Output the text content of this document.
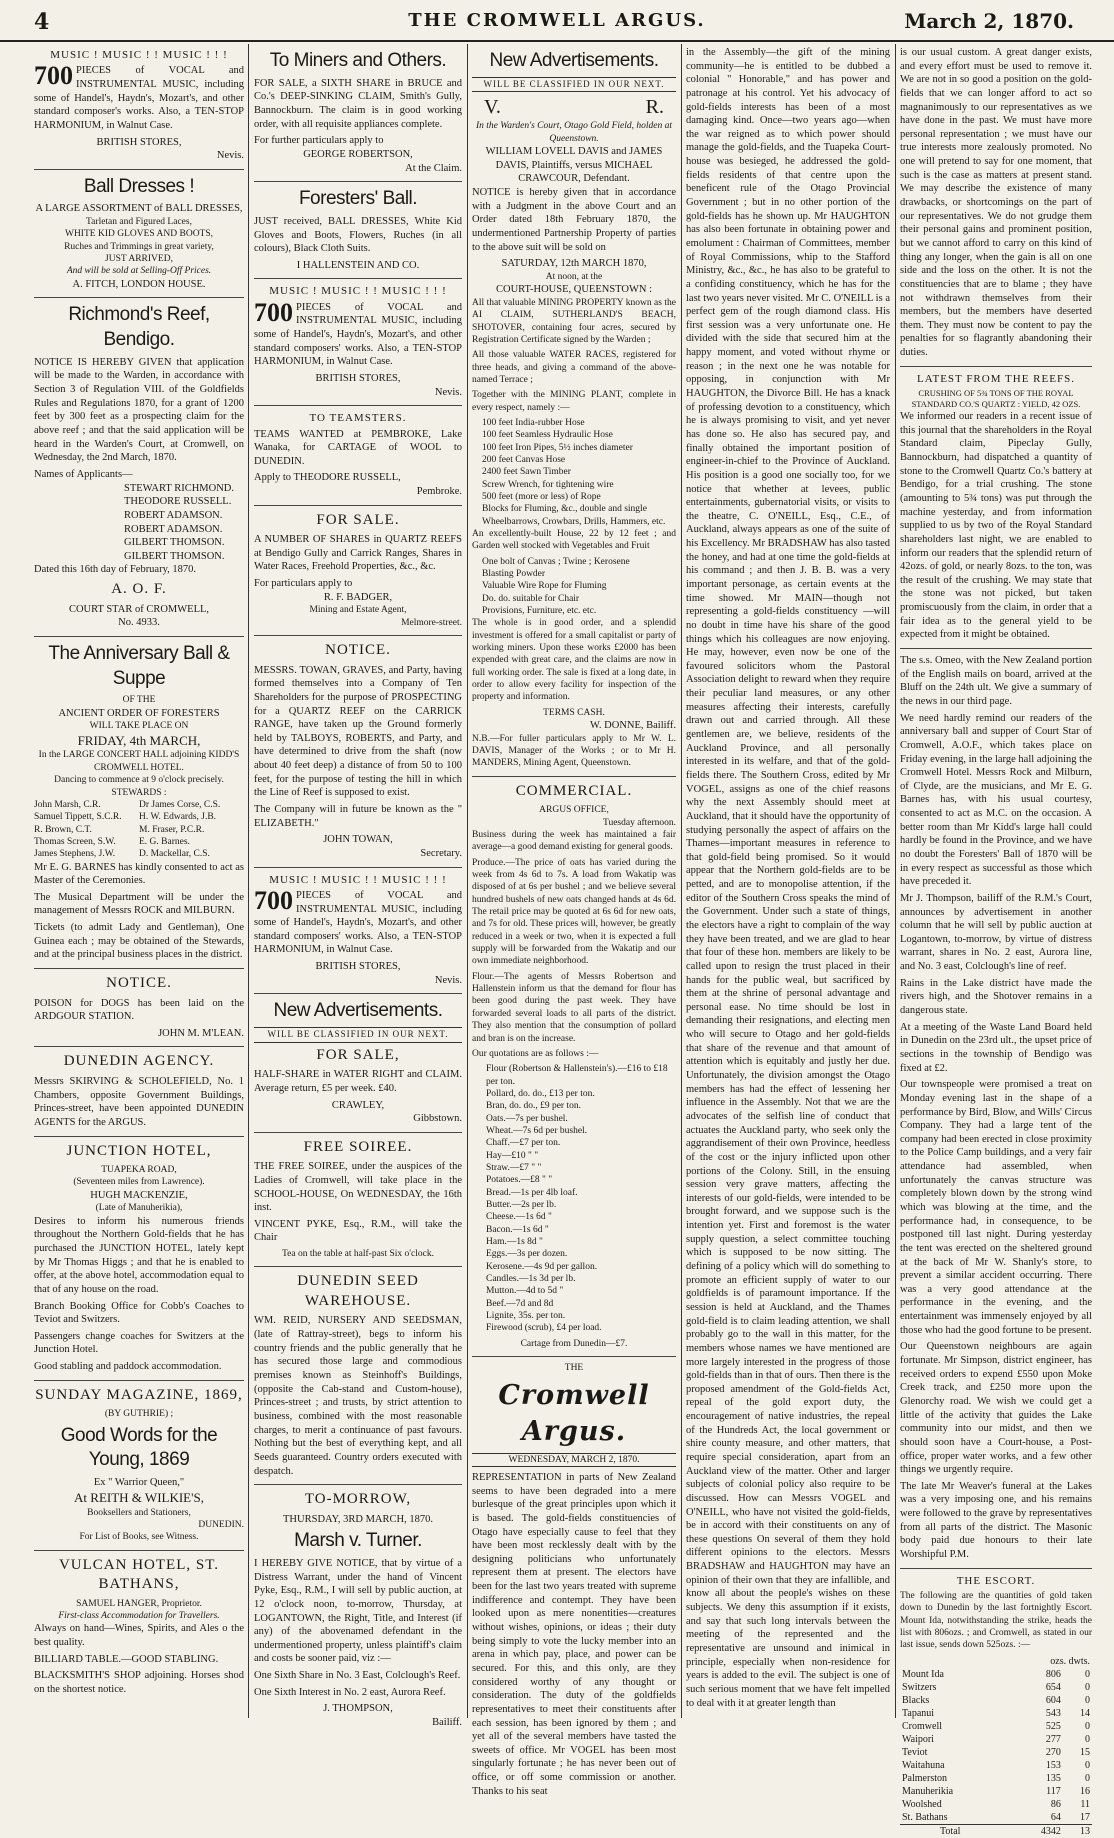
4	THE CROMWELL ARGUS.	March 2, 1870.
MUSIC ! MUSIC ! ! MUSIC ! ! !

700 PIECES of VOCAL and INSTRUMENTAL MUSIC, including some of Handel's, Haydn's, Mozart's, and other standard composer's works. Also, a TEN-STOP HARMONIUM, in Walnut Case.

BRITISH STORES,
Nevis.
Ball Dresses !
A LARGE ASSORTMENT of BALL DRESSES,
Tarletan and Figured Laces,
WHITE KID GLOVES AND BOOTS,
Ruches and Trimmings in great variety,
JUST ARRIVED,
And will be sold at Selling-Off Prices.
A. FITCH, LONDON HOUSE.
Richmond's Reef, Bendigo.

NOTICE IS HEREBY GIVEN that application will be made to the Warden, in accordance with Section 3 of Regulation VIII. of the Goldfields Rules and Regulations 1870, for a grant of 1200 feet by 300 feet as a prospecting claim for the above reef ; and that the said application will be heard in the Warden's Court, at Cromwell, on Wednesday, the 2nd March, 1870.

Names of Applicants—
STEWART RICHMOND.
THEODORE RUSSELL.
ROBERT ADAMSON.
ROBERT ADAMSON.
GILBERT THOMSON.
GILBERT THOMSON.
Dated this 16th day of February, 1870.
A. O. F.
COURT STAR of CROMWELL,
No. 4933.
The Anniversary Ball & Suppe
OF THE
ANCIENT ORDER OF FORESTERS
WILL TAKE PLACE ON
FRIDAY, 4th MARCH,
In the LARGE CONCERT HALL adjoining KIDD'S CROMWELL HOTEL.
Dancing to commence at 9 o'clock precisely.
STEWARDS :
John Marsh, C.R.
Samuel Tippett, S.C.R.
R. Brown, C.T.
Thomas Screen, S.W.
James Stephens, J.W.
Dr James Corse, C.S.
H. W. Edwards, J.B.
M. Fraser, P.C.R.
E. G. Barnes.
D. Mackellar, C.S.

Mr E. G. BARNES has kindly consented to act as Master of the Ceremonies.

The Musical Department will be under the management of Messrs ROCK and MILBURN.

Tickets (to admit Lady and Gentleman), One Guinea each ; may be obtained of the Stewards, and at the principal business places in the district.

NOTICE.

POISON for DOGS has been laid on the ARDGOUR STATION.

JOHN M. M'LEAN.
DUNEDIN AGENCY.

Messrs SKIRVING & SCHOLEFIELD, No. 1 Chambers, opposite Government Buildings, Princes-street, have been appointed DUNEDIN AGENTS for the ARGUS.

JUNCTION HOTEL,
TUAPEKA ROAD,
(Seventeen miles from Lawrence).
HUGH MACKENZIE,
(Late of Manuherikia),

Desires to inform his numerous friends throughout the Northern Gold-fields that he has purchased the JUNCTION HOTEL, lately kept by Mr Thomas Higgs ; and that he is enabled to offer, at the above hotel, accommodation equal to that of any house on the road.

Branch Booking Office for Cobb's Coaches to Teviot and Switzers.

Passengers change coaches for Switzers at the Junction Hotel.

Good stabling and paddock accommodation.

SUNDAY MAGAZINE, 1869,
(BY GUTHRIE) ;
Good Words for the Young, 1869
Ex " Warrior Queen,"
At REITH & WILKIE'S,
Booksellers and Stationers,
DUNEDIN.
For List of Books, see Witness.
VULCAN HOTEL, ST. BATHANS,
SAMUEL HANGER, Proprietor.
First-class Accommodation for Travellers.

Always on hand—Wines, Spirits, and Ales o the best quality.

BILLIARD TABLE.—GOOD STABLING.

BLACKSMITH'S SHOP adjoining. Horses shod on the shortest notice.

To Miners and Others.

FOR SALE, a SIXTH SHARE in BRUCE and Co.'s DEEP-SINKING CLAIM, Smith's Gully, Bannockburn. The claim is in good working order, with all requisite appliances complete.

For further particulars apply to
GEORGE ROBERTSON,
At the Claim.
Foresters' Ball.

JUST received, BALL DRESSES, White Kid Gloves and Boots, Flowers, Ruches (in all colours), Black Cloth Suits.

I HALLENSTEIN AND CO.
MUSIC ! MUSIC ! ! MUSIC ! ! !

700 PIECES of VOCAL and INSTRUMENTAL MUSIC, including some of Handel's, Haydn's, Mozart's, and other standard composers' works. Also, a TEN-STOP HARMONIUM, in Walnut Case.

BRITISH STORES,
Nevis.
TO TEAMSTERS.

TEAMS WANTED at PEMBROKE, Lake Wanaka, for CARTAGE of WOOL to DUNEDIN.

Apply to THEODORE RUSSELL,
Pembroke.
FOR SALE.

A NUMBER OF SHARES in QUARTZ REEFS at Bendigo Gully and Carrick Ranges, Shares in Water Races, Freehold Properties, &c., &c.

For particulars apply to
R. F. BADGER,
Mining and Estate Agent,
Melmore-street.
NOTICE.

MESSRS. TOWAN, GRAVES, and Party, having formed themselves into a Company of Ten Shareholders for the purpose of PROSPECTING for a QUARTZ REEF on the CARRICK RANGE, have taken up the Ground formerly held by TALBOYS, ROBERTS, and Party, and have determined to drive from the shaft (now about 40 feet deep) a distance of from 50 to 100 feet, for the purpose of testing the hill in which the Line of Reef is supposed to exist.

The Company will in future be known as the " ELIZABETH."

JOHN TOWAN,
Secretary.
MUSIC ! MUSIC ! ! MUSIC ! ! !

700 PIECES of VOCAL and INSTRUMENTAL MUSIC, including some of Handel's, Haydn's, Mozart's, and other standard composers' works. Also, a TEN-STOP HARMONIUM, in Walnut Case.

BRITISH STORES,
Nevis.
New Advertisements.
WILL BE CLASSIFIED IN OUR NEXT.
FOR SALE,

HALF-SHARE in WATER RIGHT and CLAIM. Average return, £5 per week. £40.

CRAWLEY,
Gibbstown.
FREE SOIREE.

THE FREE SOIREE, under the auspices of the Ladies of Cromwell, will take place in the SCHOOL-HOUSE, On WEDNESDAY, the 16th inst.

VINCENT PYKE, Esq., R.M., will take the Chair

Tea on the table at half-past Six o'clock.
DUNEDIN SEED WAREHOUSE.

WM. REID, NURSERY AND SEEDSMAN, (late of Rattray-street), begs to inform his country friends and the public generally that he has secured those large and commodious premises known as Steinhoff's Buildings, (opposite the Cab-stand and Custom-house), Princes-street ; and trusts, by strict attention to business, combined with the most reasonable charges, to merit a continuance of past favours. Nothing but the best of everything kept, and all Seeds guaranteed. Country orders executed with despatch.

TO-MORROW,
THURSDAY, 3RD MARCH, 1870.
Marsh v. Turner.

I HEREBY GIVE NOTICE, that by virtue of a Distress Warrant, under the hand of Vincent Pyke, Esq., R.M., I will sell by public auction, at 12 o'clock noon, to-morrow, Thursday, at LOGANTOWN, the Right, Title, and Interest (if any) of the abovenamed defendant in the undermentioned property, unless plaintiff's claim and costs be sooner paid, viz :—

One Sixth Share in No. 3 East, Colclough's Reef.

One Sixth Interest in No. 2 east, Aurora Reef.

J. THOMPSON,
Bailiff.
New Advertisements.
WILL BE CLASSIFIED IN OUR NEXT.
V.	R.
In the Warden's Court, Otago Gold Field, holden at Queenstown.
WILLIAM LOVELL DAVIS and JAMES DAVIS, Plaintiffs, versus MICHAEL CRAWCOUR, Defendant.

NOTICE is hereby given that in accordance with a Judgment in the above Court and an Order dated 18th February 1870, the undermentioned Partnership Property of parties to the above suit will be sold on

SATURDAY, 12th MARCH 1870,
At noon, at the
COURT-HOUSE, QUEENSTOWN :

All that valuable MINING PROPERTY known as the AI CLAIM, SUTHERLAND'S BEACH, SHOTOVER, containing four acres, secured by Registration Certificate signed by the Warden ;

All those valuable WATER RACES, registered for three heads, and giving a command of the above-named Terrace ;

Together with the MINING PLANT, complete in every respect, namely :—

100 feet India-rubber Hose
100 feet Seamless Hydraulic Hose
100 feet Iron Pipes, 5½ inches diameter
200 feet Canvas Hose
2400 feet Sawn Timber
Screw Wrench, for tightening wire
500 feet (more or less) of Rope
Blocks for Fluming, &c., double and single
Wheelbarrows, Crowbars, Drills, Hammers, etc.

An excellently-built House, 22 by 12 feet ; and Garden well stocked with Vegetables and Fruit

One bolt of Canvas ; Twine ; Kerosene
Blasting Powder
Valuable Wire Rope for Fluming
Do. do. suitable for Chair
Provisions, Furniture, etc. etc.

The whole is in good order, and a splendid investment is offered for a small capitalist or party of working miners. Upon these works £2000 has been expended with great care, and the claims are now in full working order. The sale is fixed at a long date, in order to allow every facility for inspection of the property and information.

TERMS CASH.
W. DONNE, Bailiff.

N.B.—For fuller particulars apply to Mr W. L. DAVIS, Manager of the Works ; or to Mr H. MANDERS, Mining Agent, Queenstown.

COMMERCIAL.
ARGUS OFFICE,
Tuesday afternoon.

Business during the week has maintained a fair average—a good demand existing for general goods.

Produce.—The price of oats has varied during the week from 4s 6d to 7s. A load from Wakatip was disposed of at 6s per bushel ; and we believe several hundred bushels of new oats changed hands at 4s 6d. The retail price may be quoted at 6s 6d for new oats, and 7s for old. These prices will, however, be greatly reduced in a week or two, when it is expected a full supply will be forwarded from the Wakatip and our own immediate neighborhood.

Flour.—The agents of Messrs Robertson and Hallenstein inform us that the demand for flour has been good during the past week. They have forwarded several loads to all parts of the district. They also mention that the consumption of pollard and bran is on the increase.

Our quotations are as follows :—

Flour (Robertson & Hallenstein's).—£16 to £18 per ton.
Pollard, do. do., £13 per ton.
Bran, do. do., £9 per ton.
Oats.—7s per bushel.
Wheat.—7s 6d per bushel.
Chaff.—£7 per ton.
Hay—£10 " "
Straw.—£7 " "
Potatoes.—£8 " "
Bread.—1s per 4lb loaf.
Butter.—2s per lb.
Cheese.—1s 6d "
Bacon.—1s 6d "
Ham.—1s 8d "
Eggs.—3s per dozen.
Kerosene.—4s 9d per gallon.
Candles.—1s 3d per lb.
Mutton.—4d to 5d "
Beef.—7d and 8d
Lignite, 35s. per ton.
Firewood (scrub), £4 per load.
Cartage from Dunedin—£7.
THE
Cromwell Argus.
WEDNESDAY, MARCH 2, 1870.

REPRESENTATION in parts of New Zealand seems to have been degraded into a mere burlesque of the great principles upon which it is based. The gold-fields constituencies of Otago have especially cause to feel that they have been most recklessly dealt with by the designing politicians who unfortunately represent them at present. The electors have been for the last two years treated with supreme indifference and contempt. They have been looked upon as mere nonentities—creatures without wishes, opinions, or ideas ; their duty being simply to vote the lucky member into an arena in which pay, place, and power can be secured. For this, and this only, are they considered worthy of any thought or consideration. The duty of the goldfields representatives to meet their constituents after each session, has been ignored by them ; and yet all of the several members have tasted the sweets of office. Mr VOGEL has been most singularly fortunate ; he has never been out of office, or off some commission or another. Thanks to his seat

in the Assembly—the gift of the mining community—he is entitled to be dubbed a colonial " Honorable," and has power and patronage at his control. Yet his advocacy of gold-fields interests has been of a most damaging kind. Once—two years ago—when the war reigned as to which power should manage the gold-fields, and the Tuapeka Court-house was besieged, he addressed the gold-fields residents of that centre upon the beneficent rule of the Otago Provincial Government ; but in no other portion of the gold-fields has he shown up. Mr HAUGHTON has also been fortunate in obtaining power and emolument : Chairman of Committees, member of Royal Commissions, whip to the Stafford Ministry, &c., &c., he has also to be grateful to a confiding constituency, which he has for the last two years never visited. Mr C. O'NEILL is a perfect gem of the rough diamond class. His first session was a very unfortunate one. He divided with the side that secured him at the happy moment, and voted without rhyme or reason ; in the next one he was notable for opposing, in conjunction with Mr HAUGHTON, the Divorce Bill. He has a knack of professing devotion to a constituency, which he is always promising to visit, and yet never has done so. He also has secured pay, and finally obtained the important position of engineer-in-chief to the Province of Auckland. His position is a good one socially too, for we notice that whether at levees, public entertainments, gubernatorial visits, or visits to the theatre, C. O'NEILL, Esq., C.E., of Auckland, always appears as one of the suite of his Excellency. Mr BRADSHAW has also tasted the honey, and had at one time the gold-fields at his command ; and then J. B. B. was a very important personage, as certain events at the time showed. Mr MAIN—though not representing a gold-fields constituency —will no doubt in time have his share of the good things which his colleagues are now enjoying. He may, however, even now be one of the favoured solicitors whom the Pastoral Association delight to reward when they require their peculiar land measures, or any other measures affecting their interests, carefully drawn out and carried through. All these gentlemen are, we believe, residents of the Auckland Province, and all personally interested in its welfare, and that of the gold-fields there. The Southern Cross, edited by Mr VOGEL, assigns as one of the chief reasons why the next Assembly should meet at Auckland, that it should have the opportunity of studying personally the aspect of affairs on the Thames—important measures in reference to that gold-field being promised. So it would appear that the Northern gold-fields are to be petted, and are to monopolise attention, if the editor of the Southern Cross speaks the mind of the Government. Under such a state of things, the electors have a right to complain of the way they have been treated, and we are glad to hear that four of these hon. members are likely to be called upon to resign the trust placed in their hands for the public weal, but sacrificed by them at the shrine of personal advantage and personal ease. No time should be lost in demanding their resignations, and electing men who will secure to Otago and her gold-fields that share of the revenue and that amount of attention which is equitably and justly her due. Unfortunately, the division amongst the Otago members has had the effect of lessening her influence in the Assembly. Not that we are the advocates of the selfish line of conduct that actuates the Auckland party, who seek only the aggrandisement of their own Province, heedless of the cost or the injury inflicted upon other portions of the Colony. Still, in the ensuing session very grave matters, affecting the interests of our gold-fields, were intended to be brought forward, and we suppose such is the intention yet. First and foremost is the water supply question, a select committee touching which is supposed to be now sitting. The defining of a policy which will do something to promote an efficient supply of water to our goldfields is of paramount importance. If the session is held at Auckland, and the Thames gold-field is to claim leading attention, we shall probably go to the wall in this matter, for the members whose names we have mentioned are more largely interested in the progress of those gold-fields than in that of ours. Then there is the proposed amendment of the Gold-fields Act, repeal of the gold export duty, the encouragement of native industries, the repeal of the Hundreds Act, the local government or shire county measure, and other matters, that require special consideration, apart from an Auckland view of the matter. Other and larger subjects of colonial policy also require to be discussed. How can Messrs VOGEL and O'NEILL, who have not visited the gold-fields, be in accord with their constituents on any of these questions On several of them they hold different opinions to the electors. Messrs BRADSHAW and HAUGHTON may have an opinion of their own that they are infallible, and know all about the people's wishes on these subjects. We deny this assumption if it exists, and say that such long intervals between the meeting of the represented and the representative are unsound and inimical in principle, especially when non-residence for years is added to the evil. The subject is one of such serious moment that we have felt impelled to deal with it at greater length than

is our usual custom. A great danger exists, and every effort must be used to remove it. We are not in so good a position on the gold-fields that we can longer afford to act so magnanimously to our representatives as we have done in the past. We must have more personal representation ; we must have our true interests more zealously promoted. No one will pretend to say for one moment, that such is the case as matters at present stand. We may describe the existence of many drawbacks, or shortcomings on the part of our representatives. We do not grudge them their personal gains and prominent position, but we cannot afford to carry on this kind of thing any longer, when the gain is all on one side and the loss on the other. It is not the constituencies that are to blame ; they have not withdrawn themselves from their members, but the members have deserted them. They must now be content to pay the penalties for so flagrantly abandoning their duties.

LATEST FROM THE REEFS.
CRUSHING OF 5¾ TONS OF THE ROYAL STANDARD CO.'S QUARTZ : YIELD, 42 OZS.

We informed our readers in a recent issue of this journal that the shareholders in the Royal Standard claim, Pipeclay Gully, Bannockburn, had dispatched a quantity of stone to the Cromwell Quartz Co.'s battery at Bendigo, for a trial crushing. The stone (amounting to 5¾ tons) was put through the machine yesterday, and from information supplied to us by two of the Royal Standard shareholders last night, we are enabled to inform our readers that the splendid return of 42ozs. of gold, or nearly 8ozs. to the ton, was the result of the crushing. We may state that the stone was not picked, but taken promiscuously from the claim, in order that a fair idea as to the general yield to be expected from it might be obtained.

The s.s. Omeo, with the New Zealand portion of the English mails on board, arrived at the Bluff on the 24th ult. We give a summary of the news in our third page.

We need hardly remind our readers of the anniversary ball and supper of Court Star of Cromwell, A.O.F., which takes place on Friday evening, in the large hall adjoining the Cromwell Hotel. Messrs Rock and Milburn, of Clyde, are the musicians, and Mr E. G. Barnes has, with his usual courtesy, consented to act as M.C. on the occasion. A better room than Mr Kidd's large hall could hardly be found in the Province, and we have no doubt the Foresters' Ball of 1870 will be in every respect as successful as those which have preceded it.

Mr J. Thompson, bailiff of the R.M.'s Court, announces by advertisement in another column that he will sell by public auction at Logantown, to-morrow, by virtue of distress warrant, shares in No. 2 east, Aurora line, and No. 3 east, Colclough's line of reef.

Rains in the Lake district have made the rivers high, and the Shotover remains in a dangerous state.

At a meeting of the Waste Land Board held in Dunedin on the 23rd ult., the upset price of sections in the township of Bendigo was fixed at £2.

Our townspeople were promised a treat on Monday evening last in the shape of a performance by Bird, Blow, and Wills' Circus Company. They had a large tent of the company had been erected in close proximity to the Police Camp buildings, and a very fair attendance had assembled, when unfortunately the canvas structure was completely blown down by the strong wind which was blowing at the time, and the performance had, in consequence, to be postponed till last night. During yesterday the tent was erected on the sheltered ground at the back of Mr W. Shanly's store, to prevent a similar accident occurring. There was a very good attendance at the performance in the evening, and the entertainment was immensely enjoyed by all those who had the good fortune to be present.

Our Queenstown neighbours are again fortunate. Mr Simpson, district engineer, has received orders to expend £550 upon Moke Creek track, and £250 more upon the Glenorchy road. We wish we could get a little of the activity that guides the Lake community into our midst, and then we should soon have a Court-house, a Post-office, proper water works, and a few other things we urgently require.

The late Mr Weaver's funeral at the Lakes was a very imposing one, and his remains were followed to the grave by representatives from all parts of the district. The Masonic body paid due honours to their late Worshipful P.M.

THE ESCORT.

The following are the quantities of gold taken down to Dunedin by the last fortnightly Escort. Mount Ida, notwithstanding the strike, heads the list with 806ozs. ; and Cromwell, as stated in our last issue, sends down 525ozs. :—

	ozs. dwts.	
Mount Ida	806	0
Switzers	654	0
Blacks	604	0
Tapanui	543	14
Cromwell	525	0
Waipori	277	0
Teviot	270	15
Waitahuna	153	0
Palmerston	135	0
Manuherikia	117	16
Woolshed	86	11
St. Bathans	64	17
Total	4342	13
